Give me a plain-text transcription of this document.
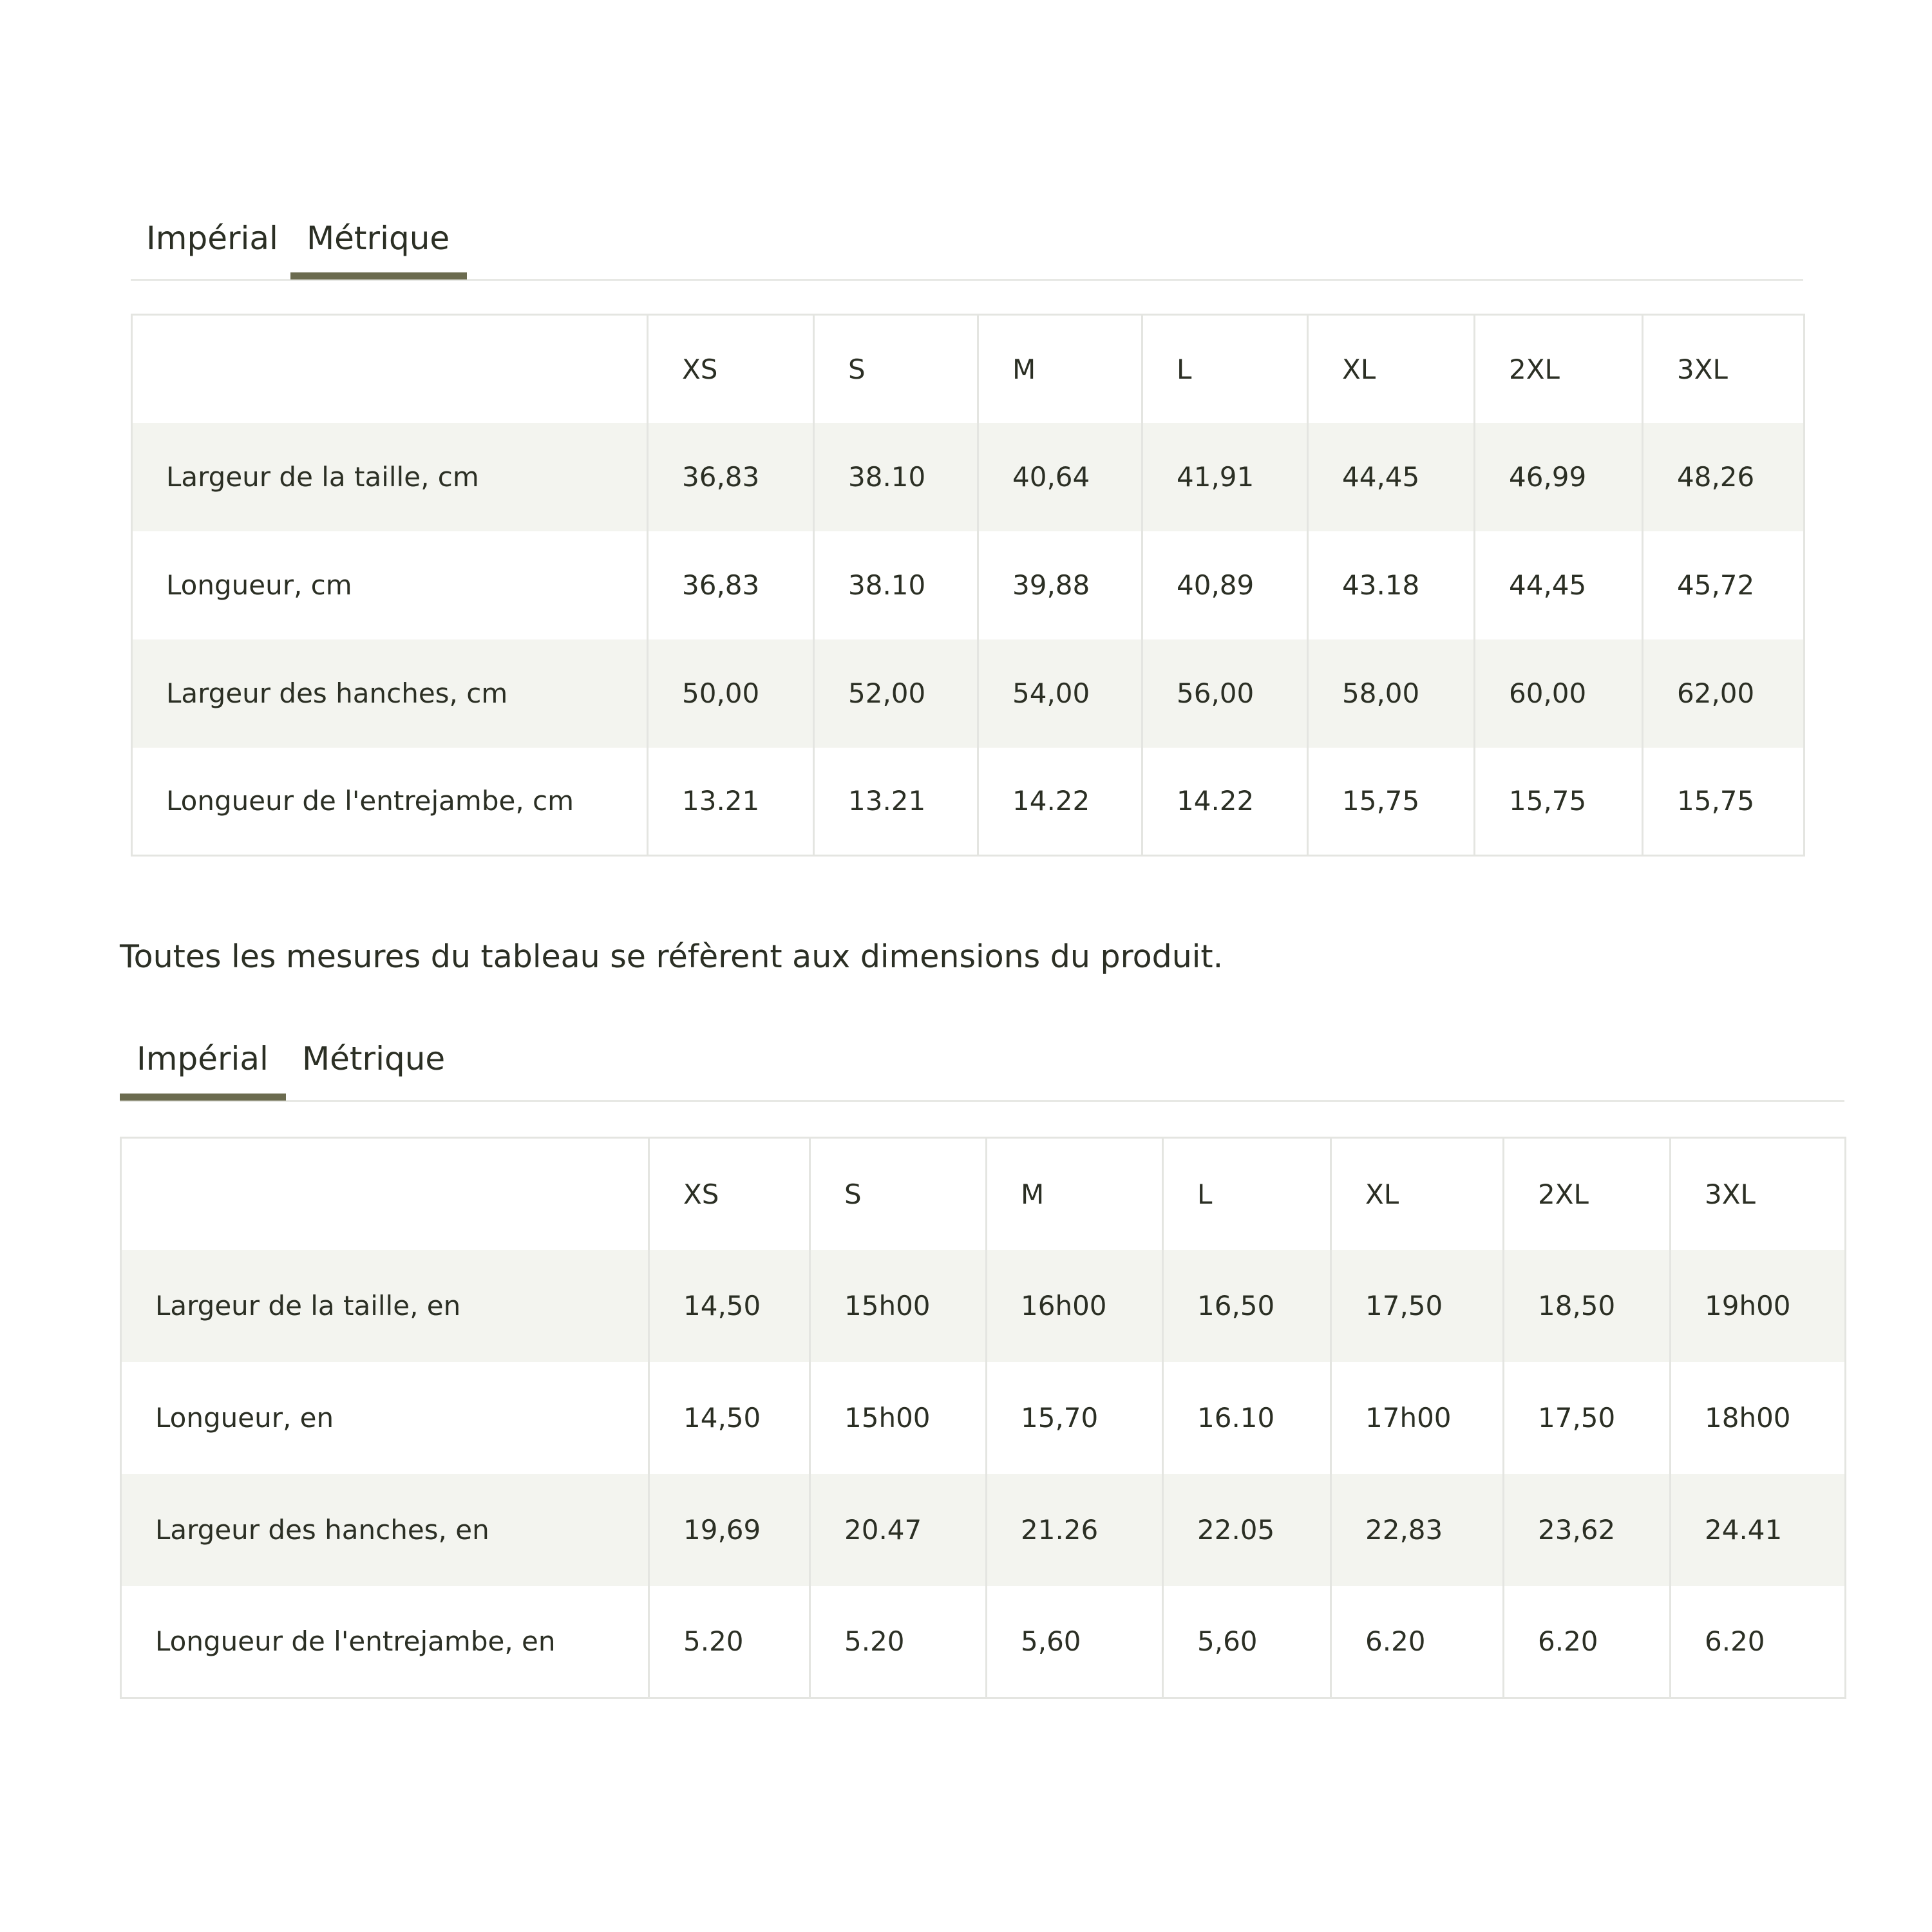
Impérial Métrique
	XS	S	M	L	XL	2XL	3XL
Largeur de la taille, cm	36,83	38.10	40,64	41,91	44,45	46,99	48,26
Longueur, cm	36,83	38.10	39,88	40,89	43.18	44,45	45,72
Largeur des hanches, cm	50,00	52,00	54,00	56,00	58,00	60,00	62,00
Longueur de l'entrejambe, cm	13.21	13.21	14.22	14.22	15,75	15,75	15,75
Toutes les mesures du tableau se réfèrent aux dimensions du produit.
Impérial Métrique
	XS	S	M	L	XL	2XL	3XL
Largeur de la taille, en	14,50	15h00	16h00	16,50	17,50	18,50	19h00
Longueur, en	14,50	15h00	15,70	16.10	17h00	17,50	18h00
Largeur des hanches, en	19,69	20.47	21.26	22.05	22,83	23,62	24.41
Longueur de l'entrejambe, en	5.20	5.20	5,60	5,60	6.20	6.20	6.20
